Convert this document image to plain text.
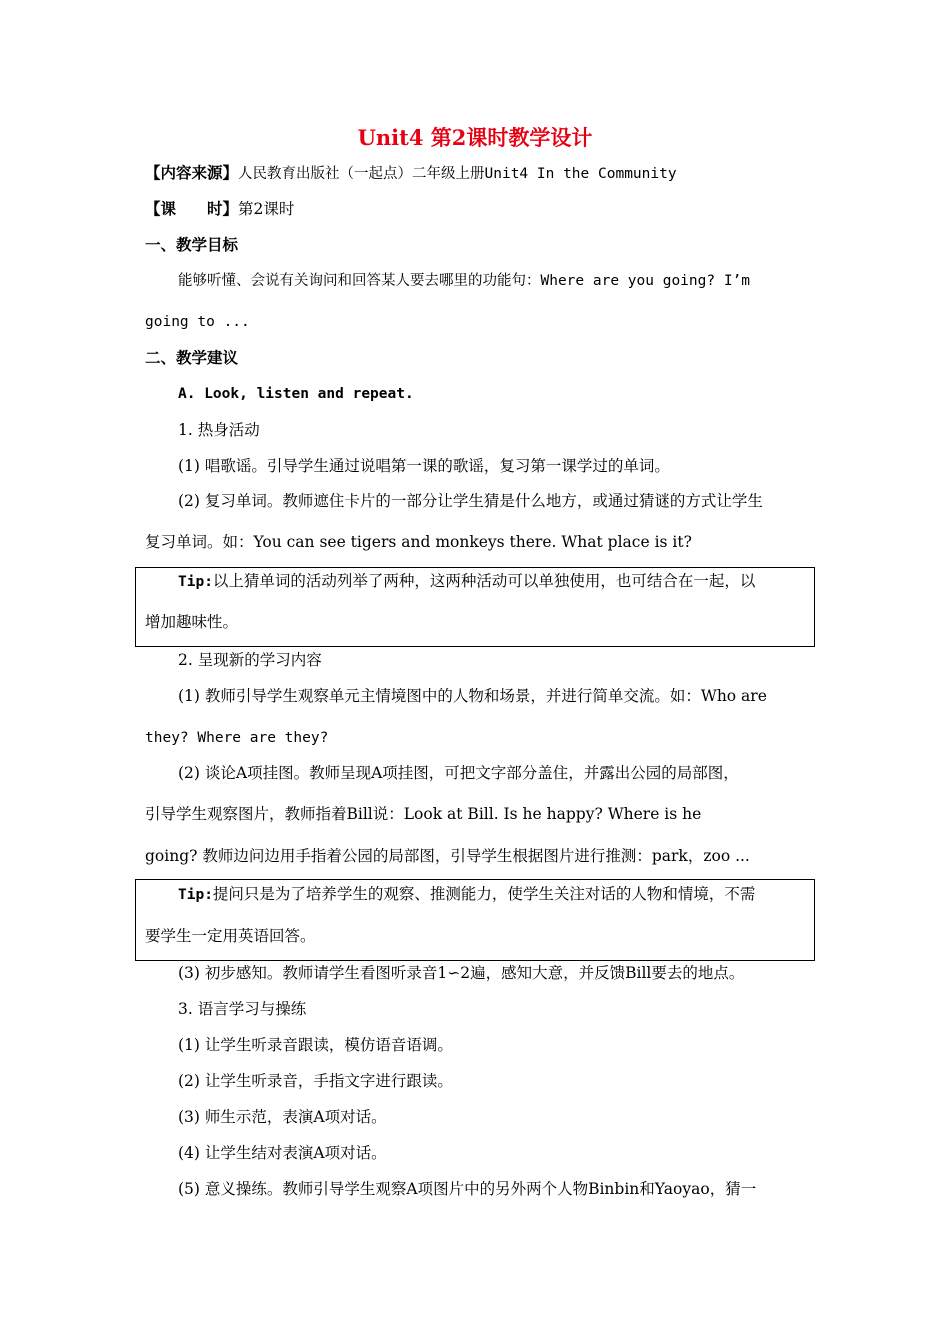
Unit4 第2课时教学设计
【内容来源】人民教育出版社（一起点）二年级上册Unit4 In the Community
【课　　时】第2课时
一、教学目标
能够听懂、会说有关询问和回答某人要去哪里的功能句：Where are you going? I’m
going to ...
二、教学建议
A. Look, listen and repeat.
1. 热身活动
(1) 唱歌谣。引导学生通过说唱第一课的歌谣，复习第一课学过的单词。
(2) 复习单词。教师遮住卡片的一部分让学生猜是什么地方，或通过猜谜的方式让学生
复习单词。如：You can see tigers and monkeys there. What place is it?
Tip:以上猜单词的活动列举了两种，这两种活动可以单独使用，也可结合在一起，以
增加趣味性。
2. 呈现新的学习内容
(1) 教师引导学生观察单元主情境图中的人物和场景，并进行简单交流。如：Who are
they? Where are they?
(2) 谈论A项挂图。教师呈现A项挂图，可把文字部分盖住，并露出公园的局部图，
引导学生观察图片，教师指着Bill说：Look at Bill. Is he happy? Where is he
going? 教师边问边用手指着公园的局部图，引导学生根据图片进行推测：park，zoo ...
Tip:提问只是为了培养学生的观察、推测能力，使学生关注对话的人物和情境，不需
要学生一定用英语回答。
(3) 初步感知。教师请学生看图听录音1∽2遍，感知大意，并反馈Bill要去的地点。
3. 语言学习与操练
(1) 让学生听录音跟读，模仿语音语调。
(2) 让学生听录音，手指文字进行跟读。
(3) 师生示范，表演A项对话。
(4) 让学生结对表演A项对话。
(5) 意义操练。教师引导学生观察A项图片中的另外两个人物Binbin和Yaoyao，猜一
